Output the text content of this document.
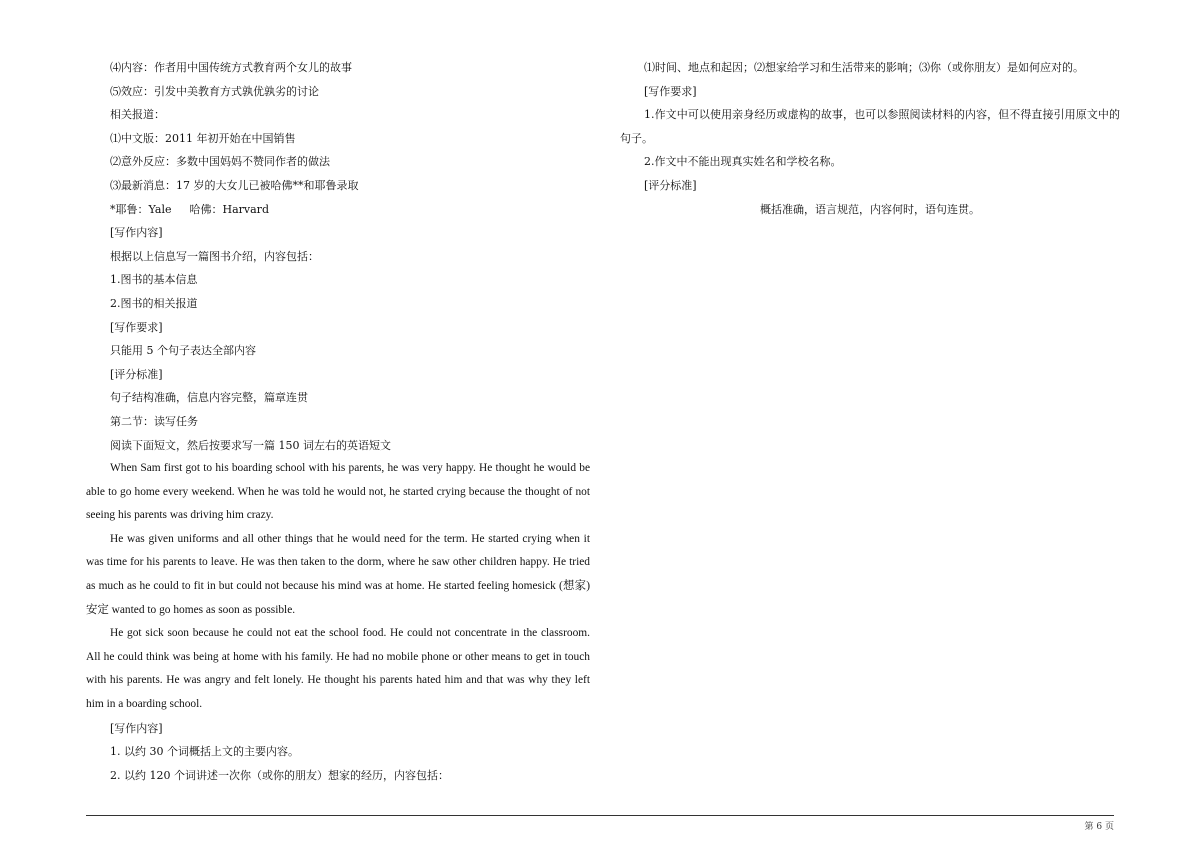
⑷内容：作者用中国传统方式教育两个女儿的故事
⑸效应：引发中美教育方式孰优孰劣的讨论
相关报道：
⑴中文版：2011 年初开始在中国销售
⑵意外反应：多数中国妈妈不赞同作者的做法
⑶最新消息：17 岁的大女儿已被哈佛**和耶鲁录取
*耶鲁：Yale 哈佛：Harvard
[写作内容]
根据以上信息写一篇图书介绍，内容包括：
1.图书的基本信息
2.图书的相关报道
[写作要求]
只能用 5 个句子表达全部内容
[评分标准]
句子结构准确，信息内容完整，篇章连贯
第二节：读写任务
阅读下面短文，然后按要求写一篇 150 词左右的英语短文
When Sam first got to his boarding school with his parents, he was very happy. He thought he would be able to go home every weekend. When he was told he would not, he started crying because the thought of not seeing his parents was driving him crazy.
He was given uniforms and all other things that he would need for the term. He started crying when it was time for his parents to leave. He was then taken to the dorm, where he saw other children happy. He tried as much as he could to fit in but could not because his mind was at home. He started feeling homesick (想家) 安定 wanted to go homes as soon as possible.
He got sick soon because he could not eat the school food. He could not concentrate in the classroom. All he could think was being at home with his family. He had no mobile phone or other means to get in touch with his parents. He was angry and felt lonely. He thought his parents hated him and that was why they left him in a boarding school.
[写作内容]
1. 以约 30 个词概括上文的主要内容。
2. 以约 120 个词讲述一次你（或你的朋友）想家的经历，内容包括：
⑴时间、地点和起因；⑵想家给学习和生活带来的影响；⑶你（或你朋友）是如何应对的。
[写作要求]
1.作文中可以使用亲身经历或虚构的故事，也可以参照阅读材料的内容，但不得直接引用原文中的句子。
2.作文中不能出现真实姓名和学校名称。
[评分标准]
概括准确，语言规范，内容何时，语句连贯。
第 6 页
